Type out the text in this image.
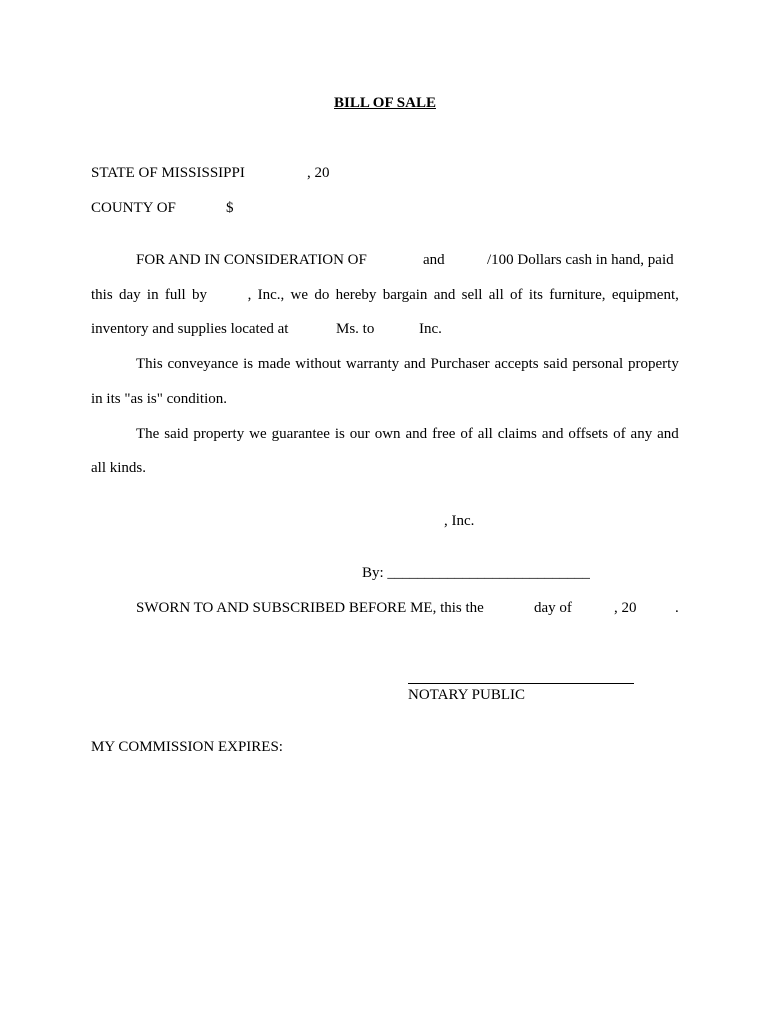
BILL OF SALE
STATE OF MISSISSIPPI	, 20
COUNTY OF	$
FOR AND IN CONSIDERATION OF	and	/100 Dollars cash in hand, paid
this day in full by	, Inc., we do hereby bargain and sell all of its furniture, equipment,
inventory and supplies located at	Ms. to	Inc.
This conveyance is made without warranty and Purchaser accepts said personal property
in its "as is" condition.
The said property we guarantee is our own and free of all claims and offsets of any and
all kinds.
, Inc.
By: ___________________________
SWORN TO AND SUBSCRIBED BEFORE ME, this the	day of	, 20	.
NOTARY PUBLIC
MY COMMISSION EXPIRES:
